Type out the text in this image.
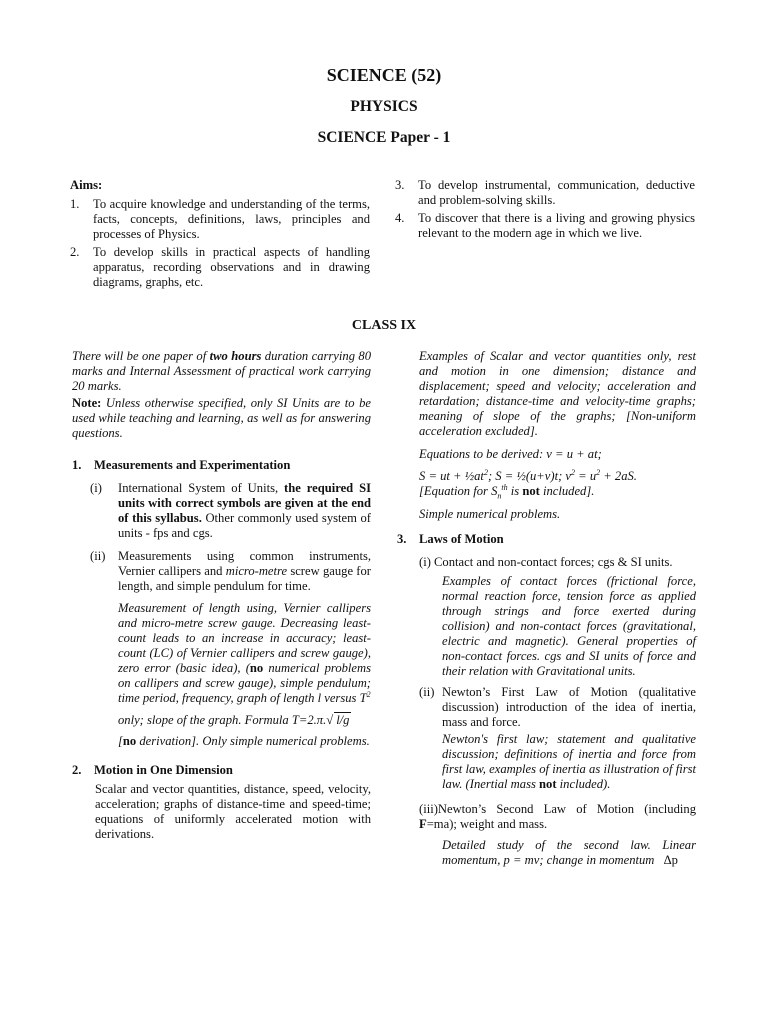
SCIENCE (52)
PHYSICS
SCIENCE Paper - 1

Aims:

1.	To acquire knowledge and understanding of the terms, facts, concepts, definitions, laws, principles and processes of Physics.
2.	To develop skills in practical aspects of handling apparatus, recording observations and in drawing diagrams, graphs, etc.
3.	To develop instrumental, communication, deductive and problem-solving skills.
4.	To discover that there is a living and growing physics relevant to the modern age in which we live.
CLASS IX

There will be one paper of two hours duration carrying 80 marks and Internal Assessment of practical work carrying 20 marks.

Note: Unless otherwise specified, only SI Units are to be used while teaching and learning, as well as for answering questions.

1. Measurements and Experimentation
(i)	International System of Units, the required SI units with correct symbols are given at the end of this syllabus. Other commonly used system of units - fps and cgs.
(ii)	Measurements using common instruments, Vernier callipers and micro-metre screw gauge for length, and simple pendulum for time.

Measurement of length using, Vernier callipers and micro-metre screw gauge. Decreasing least-count leads to an increase in accuracy; least-count (LC) of Vernier callipers and screw gauge), zero error (basic idea), (no numerical problems on callipers and screw gauge), simple pendulum; time period, frequency, graph of length l versus $T^2$

only; slope of the graph. Formula T=2.π.√ l/g

[no derivation]. Only simple numerical problems.

2. Motion in One Dimension

Scalar and vector quantities, distance, speed, velocity, acceleration; graphs of distance-time and speed-time; equations of uniformly accelerated motion with derivations.

Examples of Scalar and vector quantities only, rest and motion in one dimension; distance and displacement; speed and velocity; acceleration and retardation; distance-time and velocity-time graphs; meaning of slope of the graphs; [Non-uniform acceleration excluded].

Equations to be derived: v = u + at;

S = ut + $\frac{1}{2}at^2$; S = ½(u+v)t; $v^2 = u^2 + 2aS$.
[Equation for $S_n^{th}$ is not included].

Simple numerical problems.

3. Laws of Motion

(i) Contact and non-contact forces; cgs & SI units.

Examples of contact forces (frictional force, normal reaction force, tension force as applied through strings and force exerted during collision) and non-contact forces (gravitational, electric and magnetic). General properties of non-contact forces. cgs and SI units of force and their relation with Gravitational units.

(ii) Newton’s First Law of Motion (qualitative discussion) introduction of the idea of inertia, mass and force.

Newton's first law; statement and qualitative discussion; definitions of inertia and force from first law, examples of inertia as illustration of first law. (Inertial mass not included).

(iii)Newton’s Second Law of Motion (including F=ma); weight and mass.

Detailed study of the second law. Linear momentum, p = mv; change in momentum Δp
